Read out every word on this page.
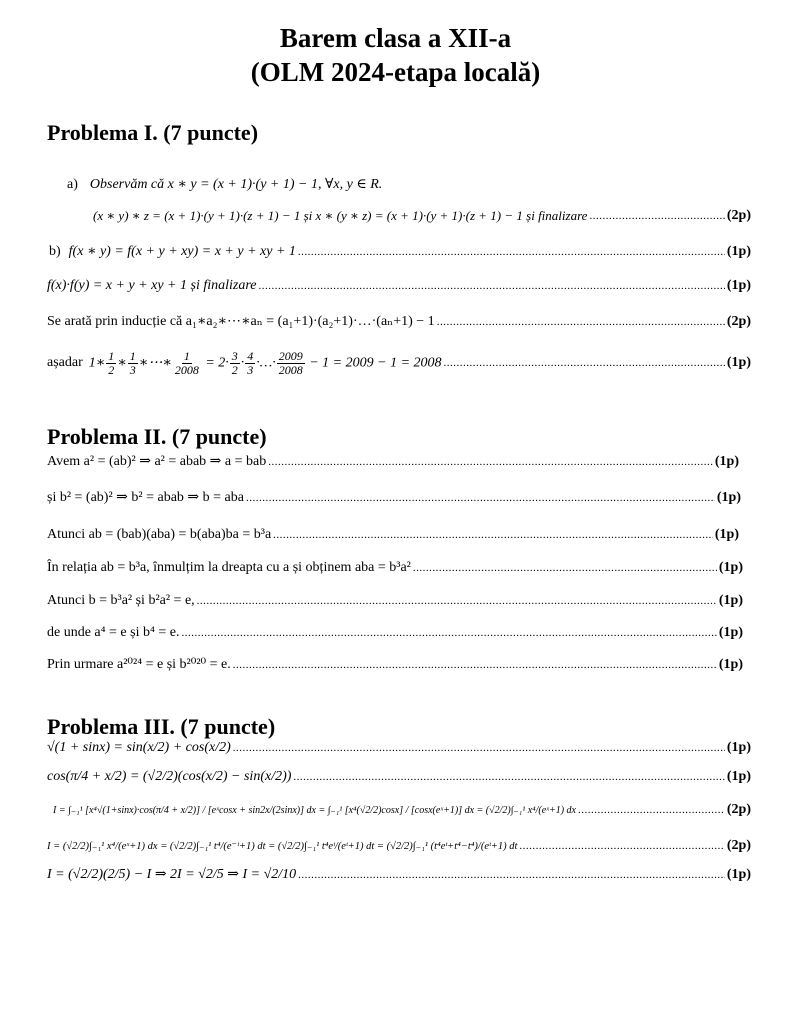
Barem clasa a XII-a
(OLM 2024-etapa locală)
Problema I. (7 puncte)
a) Observăm că x ∗ y = (x + 1)·(y + 1) − 1, ∀x, y ∈ R.
(x ∗ y) ∗ z = (x + 1)·(y + 1)·(z + 1) − 1 și x ∗ (y ∗ z) = (x + 1)·(y + 1)·(z + 1) − 1 și finalizare .....	(2p)
b) f(x ∗ y) = f(x + y + xy) = x + y + xy + 1 .....	(1p)
f(x)·f(y) = x + y + xy + 1 și finalizare .....	(1p)
Se arată prin inducție că a₁∗a₂∗⋯∗aₙ = (a₁+1)·(a₂+1)·…·(aₙ+1) − 1 .....	(2p)
așadar 1∗ $\frac{1}{2}$ ∗ $\frac{1}{3}$ ∗⋯∗ $\frac{1}{2008} = 2\cdot \frac{3}{2} \cdot \frac{4}{3}$ ·…· $\frac{2009}{2008} - 1 = 2009 - 1 = 2008$ .....	(1p)
Problema II. (7 puncte)
Avem a² = (ab)² ⇒ a² = abab ⇒ a = bab .....	(1p)
și b² = (ab)² ⇒ b² = abab ⇒ b = aba .....	(1p)
Atunci ab = (bab)(aba) = b(aba)ba = b³a .....	(1p)
În relația ab = b³a, înmulțim la dreapta cu a și obținem aba = b³a² .....	(1p)
Atunci b = b³a² și b²a² = e, .....	(1p)
de unde a⁴ = e și b⁴ = e. .....	(1p)
Prin urmare a²⁰²⁴ = e și b²⁰²⁰ = e. .....	(1p)
Problema III. (7 puncte)
√(1 + sinx) = sin(x/2) + cos(x/2) .....	(1p)
cos(π/4 + x/2) = (√2/2)(cos(x/2) − sin(x/2)) .....	(1p)
I = ∫₋₁¹ [x⁴√(1+sinx)·cos(π/4 + x/2)] / [eˣcosx + sin2x/(2sinx)] dx = ∫₋₁¹ [x⁴(√2/2)cosx] / [cosx(eˣ+1)] dx = (√2/2)∫₋₁¹ x⁴/(eˣ+1) dx .....	(2p)
I = (√2/2)∫₋₁¹ x⁴/(eˣ+1) dx = (√2/2)∫₋₁¹ t⁴/(e⁻ᵗ+1) dt = (√2/2)∫₋₁¹ t⁴eᵗ/(eᵗ+1) dt = (√2/2)∫₋₁¹ (t⁴eᵗ+t⁴−t⁴)/(eᵗ+1) dt .....	(2p)
I = (√2/2)(2/5) − I ⇒ 2I = √2/5 ⇒ I = √2/10 .....	(1p)
